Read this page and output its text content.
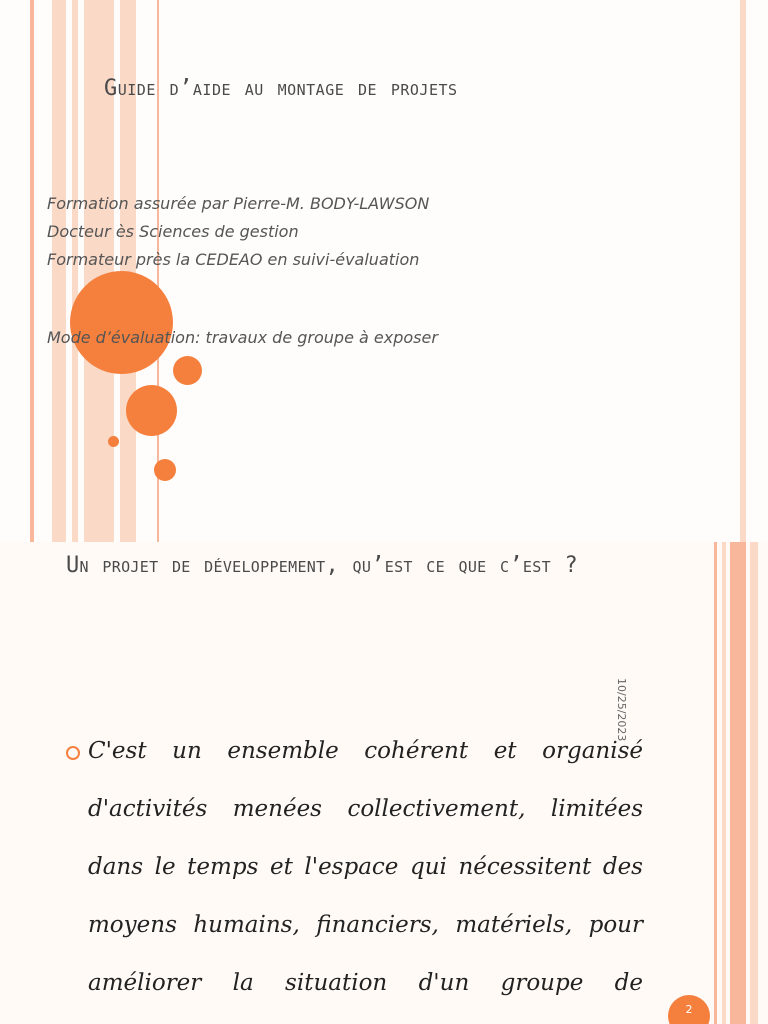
Guide d’aide au montage de projets
Formation assurée par Pierre-M. BODY-LAWSON
Docteur ès Sciences de gestion
Formateur près la CEDEAO en suivi-évaluation
Mode d’évaluation: travaux de groupe à exposer
Un projet de développement, qu’est ce que c’est ?
10/25/2023
C'est un ensemble cohérent et organisé
d'activités menées collectivement, limitées
dans le temps et l'espace qui nécessitent des
moyens humains, financiers, matériels, pour
améliorer la situation d'un groupe de
2
